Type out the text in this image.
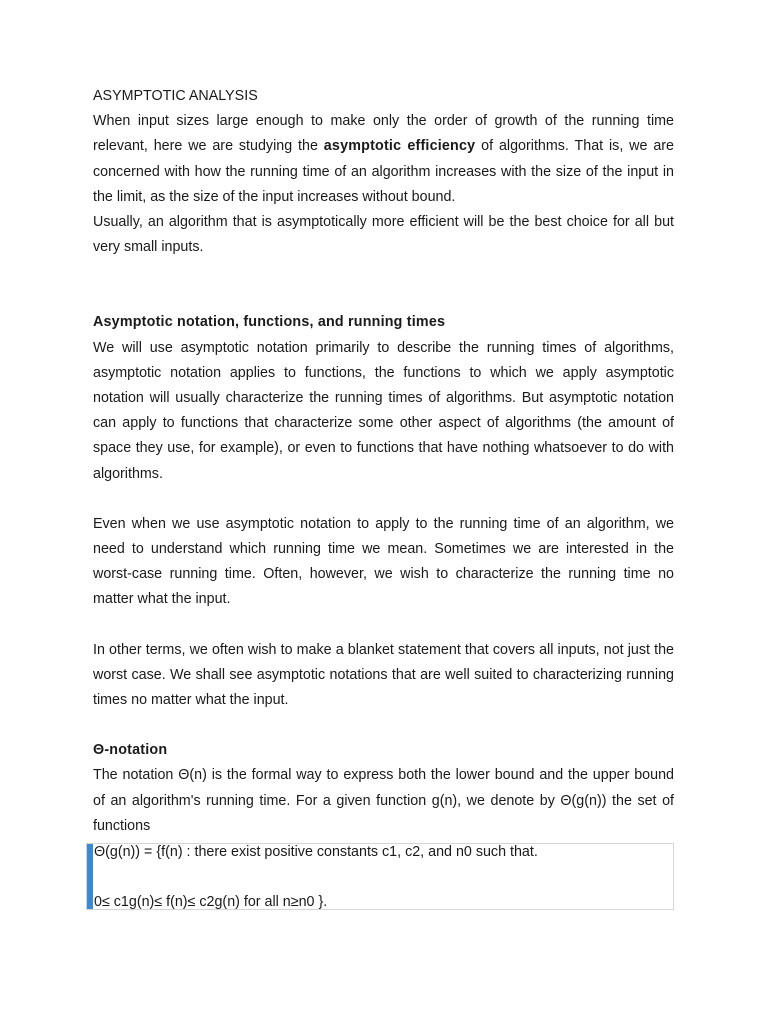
ASYMPTOTIC ANALYSIS

When input sizes large enough to make only the order of growth of the running time relevant, here we are studying the asymptotic efficiency of algorithms. That is, we are concerned with how the running time of an algorithm increases with the size of the input in the limit, as the size of the input increases without bound.

Usually, an algorithm that is asymptotically more efficient will be the best choice for all but very small inputs.

Asymptotic notation, functions, and running times

We will use asymptotic notation primarily to describe the running times of algorithms, asymptotic notation applies to functions, the functions to which we apply asymptotic notation will usually characterize the running times of algorithms. But asymptotic notation can apply to functions that characterize some other aspect of algorithms (the amount of space they use, for example), or even to functions that have nothing whatsoever to do with algorithms.

Even when we use asymptotic notation to apply to the running time of an algorithm, we need to understand which running time we mean. Sometimes we are interested in the worst-case running time. Often, however, we wish to characterize the running time no matter what the input.

In other terms, we often wish to make a blanket statement that covers all inputs, not just the worst case. We shall see asymptotic notations that are well suited to characterizing running times no matter what the input.

Θ-notation

The notation Θ(n) is the formal way to express both the lower bound and the upper bound of an algorithm's running time. For a given function g(n), we denote by Θ(g(n)) the set of functions

Θ(g(n)) = {f(n) : there exist positive constants c1, c2, and n0 such that.
0≤ c1g(n)≤ f(n)≤ c2g(n) for all n≥n0 }.
